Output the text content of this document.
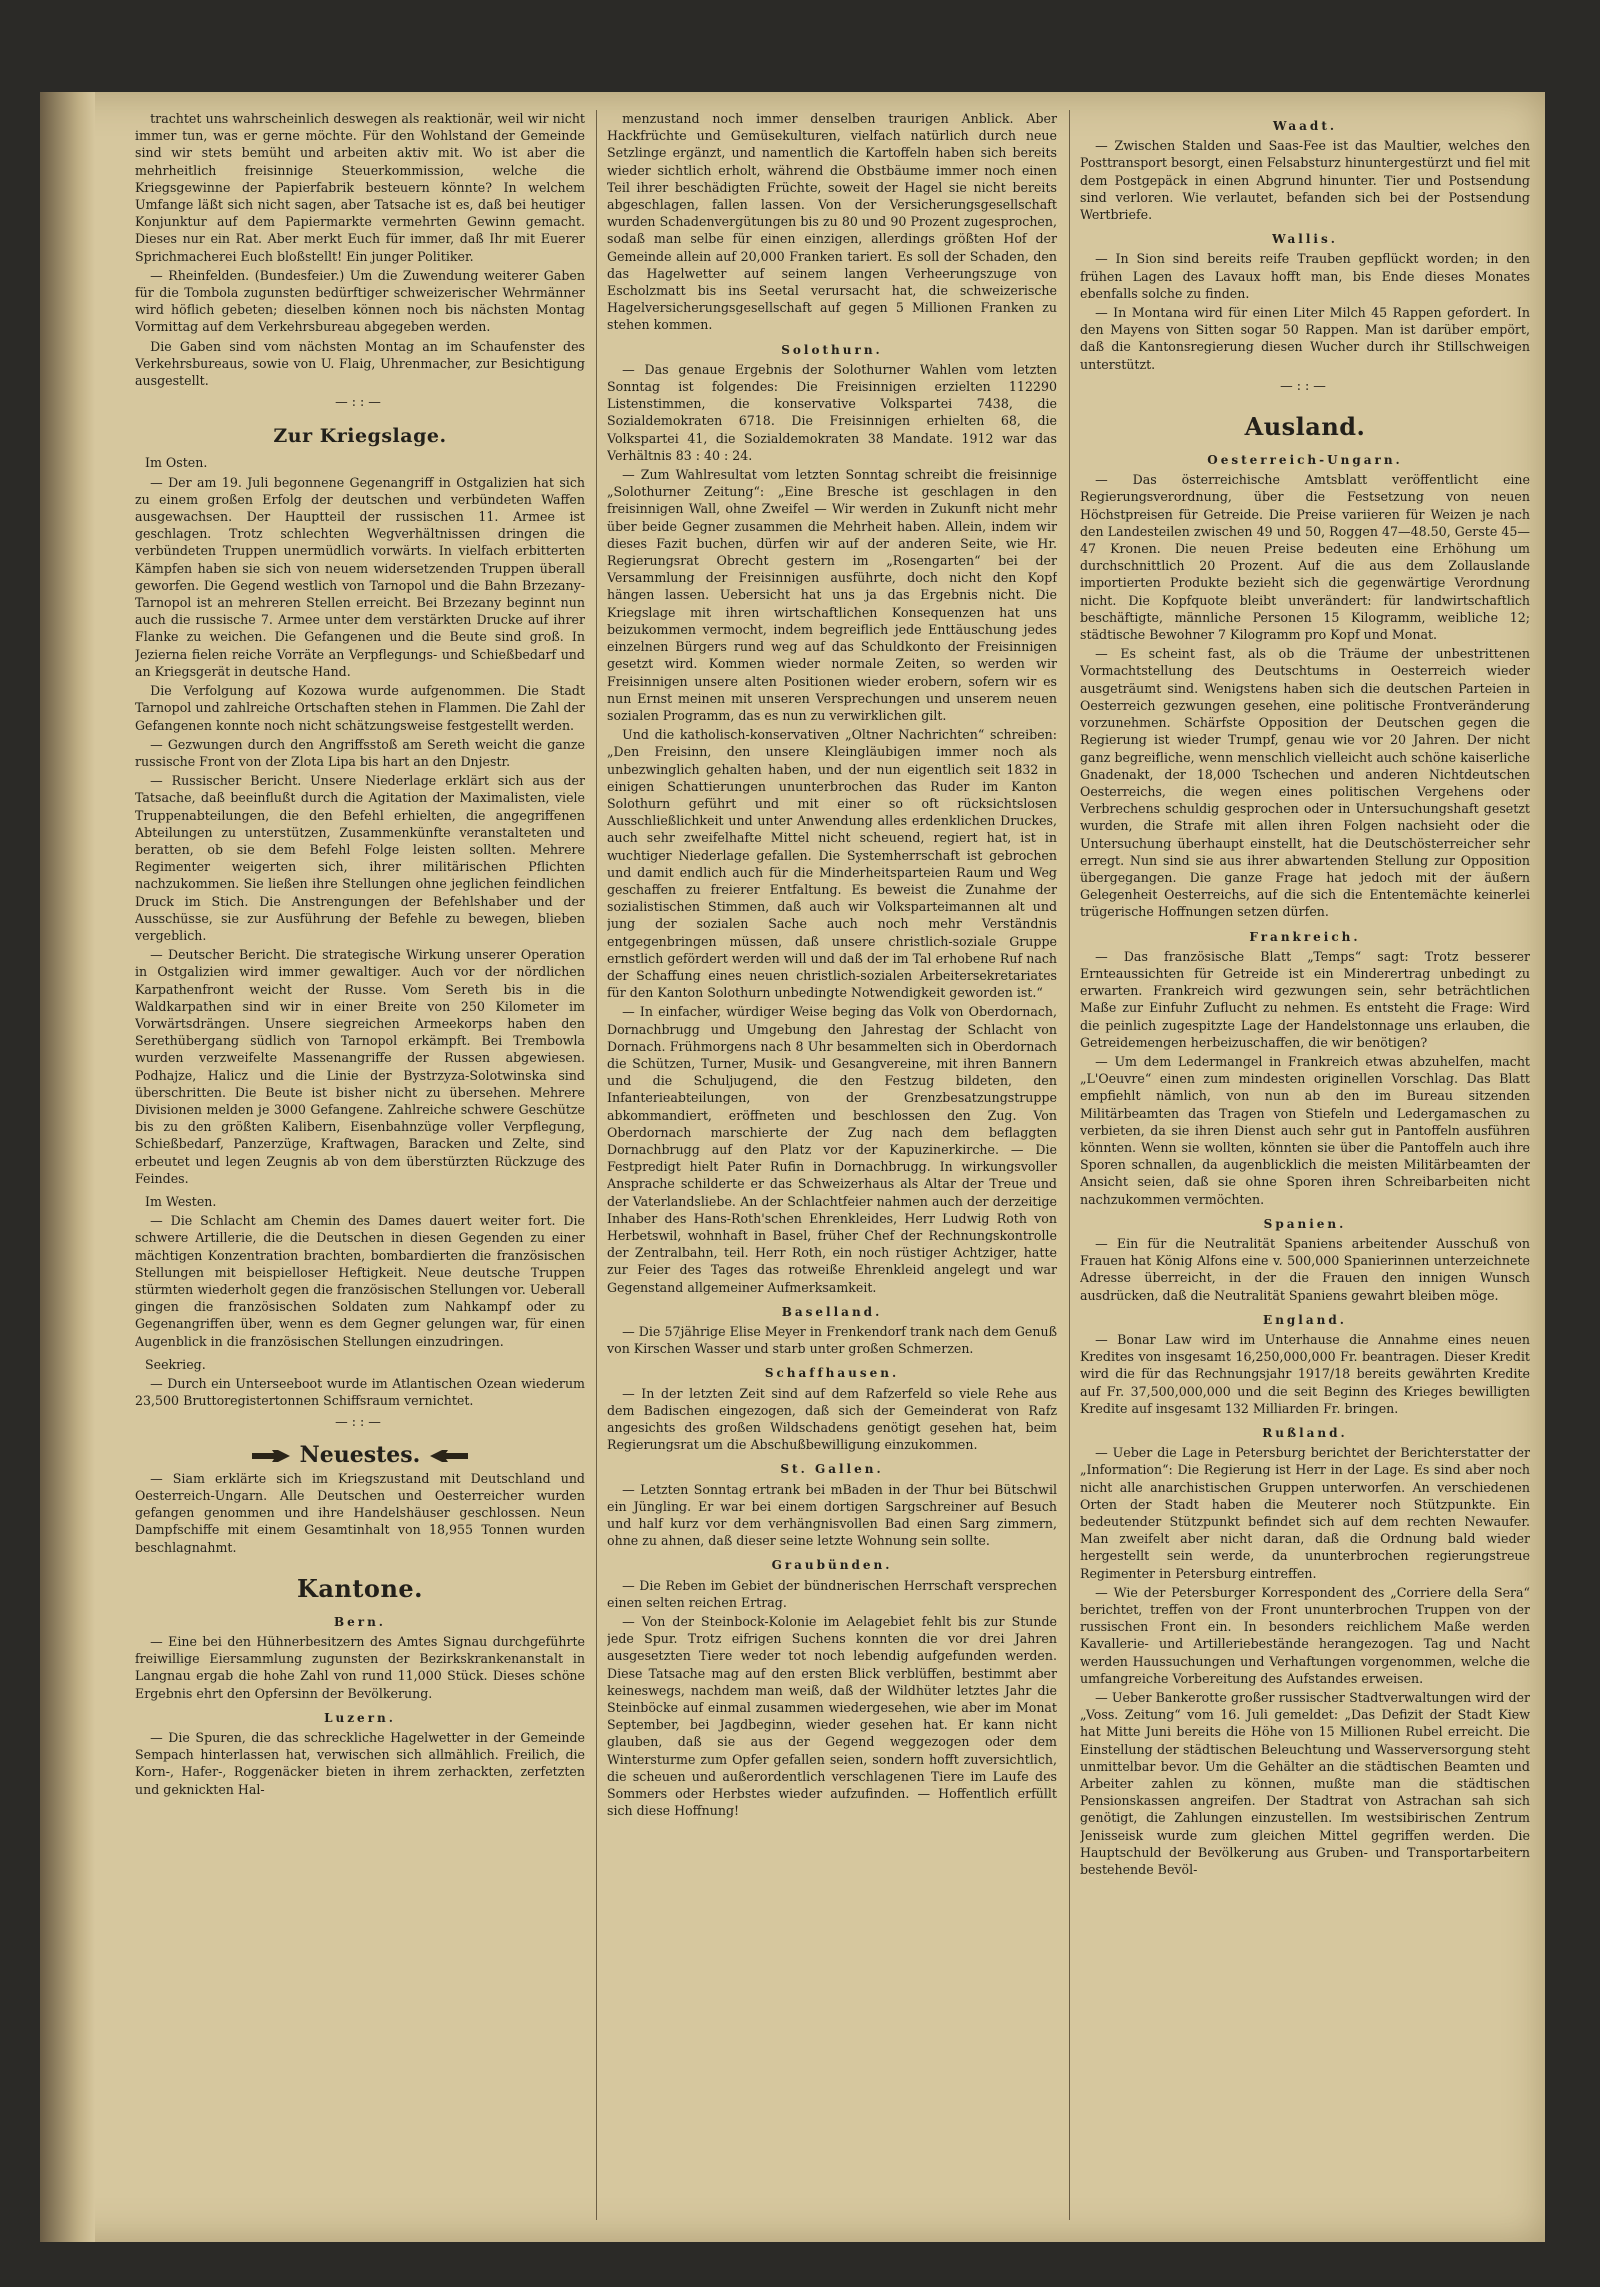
trachtet uns wahrscheinlich deswegen als reaktionär, weil wir nicht immer tun, was er gerne möchte. Für den Wohlstand der Gemeinde sind wir stets bemüht und arbeiten aktiv mit. Wo ist aber die mehrheitlich freisinnige Steuerkommission, welche die Kriegsgewinne der Papierfabrik besteuern könnte? In welchem Umfange läßt sich nicht sagen, aber Tatsache ist es, daß bei heutiger Konjunktur auf dem Papiermarkte vermehrten Gewinn gemacht. Dieses nur ein Rat. Aber merkt Euch für immer, daß Ihr mit Euerer Sprichmacherei Euch bloßstellt! Ein junger Politiker.

— Rheinfelden. (Bundesfeier.) Um die Zuwendung weiterer Gaben für die Tombola zugunsten bedürftiger schweizerischer Wehrmänner wird höflich gebeten; dieselben können noch bis nächsten Montag Vormittag auf dem Verkehrsbureau abgegeben werden.

Die Gaben sind vom nächsten Montag an im Schaufenster des Verkehrsbureaus, sowie von U. Flaig, Uhrenmacher, zur Besichtigung ausgestellt.

—::—
Zur Kriegslage.
Im Osten.

— Der am 19. Juli begonnene Gegenangriff in Ostgalizien hat sich zu einem großen Erfolg der deutschen und verbündeten Waffen ausgewachsen. Der Hauptteil der russischen 11. Armee ist geschlagen. Trotz schlechten Wegverhältnissen dringen die verbündeten Truppen unermüdlich vorwärts. In vielfach erbitterten Kämpfen haben sie sich von neuem widersetzenden Truppen überall geworfen. Die Gegend westlich von Tarnopol und die Bahn Brzezany-Tarnopol ist an mehreren Stellen erreicht. Bei Brzezany beginnt nun auch die russische 7. Armee unter dem verstärkten Drucke auf ihrer Flanke zu weichen. Die Gefangenen und die Beute sind groß. In Jezierna fielen reiche Vorräte an Verpflegungs- und Schießbedarf und an Kriegsgerät in deutsche Hand.

Die Verfolgung auf Kozowa wurde aufgenommen. Die Stadt Tarnopol und zahlreiche Ortschaften stehen in Flammen. Die Zahl der Gefangenen konnte noch nicht schätzungsweise festgestellt werden.

— Gezwungen durch den Angriffsstoß am Sereth weicht die ganze russische Front von der Zlota Lipa bis hart an den Dnjestr.

— Russischer Bericht. Unsere Niederlage erklärt sich aus der Tatsache, daß beeinflußt durch die Agitation der Maximalisten, viele Truppenabteilungen, die den Befehl erhielten, die angegriffenen Abteilungen zu unterstützen, Zusammenkünfte veranstalteten und beratten, ob sie dem Befehl Folge leisten sollten. Mehrere Regimenter weigerten sich, ihrer militärischen Pflichten nachzukommen. Sie ließen ihre Stellungen ohne jeglichen feindlichen Druck im Stich. Die Anstrengungen der Befehlshaber und der Ausschüsse, sie zur Ausführung der Befehle zu bewegen, blieben vergeblich.

— Deutscher Bericht. Die strategische Wirkung unserer Operation in Ostgalizien wird immer gewaltiger. Auch vor der nördlichen Karpathenfront weicht der Russe. Vom Sereth bis in die Waldkarpathen sind wir in einer Breite von 250 Kilometer im Vorwärtsdrängen. Unsere siegreichen Armeekorps haben den Serethübergang südlich von Tarnopol erkämpft. Bei Trembowla wurden verzweifelte Massenangriffe der Russen abgewiesen. Podhajze, Halicz und die Linie der Bystrzyza-Solotwinska sind überschritten. Die Beute ist bisher nicht zu übersehen. Mehrere Divisionen melden je 3000 Gefangene. Zahlreiche schwere Geschütze bis zu den größten Kalibern, Eisenbahnzüge voller Verpflegung, Schießbedarf, Panzerzüge, Kraftwagen, Baracken und Zelte, sind erbeutet und legen Zeugnis ab von dem überstürzten Rückzuge des Feindes.

Im Westen.

— Die Schlacht am Chemin des Dames dauert weiter fort. Die schwere Artillerie, die die Deutschen in diesen Gegenden zu einer mächtigen Konzentration brachten, bombardierten die französischen Stellungen mit beispielloser Heftigkeit. Neue deutsche Truppen stürmten wiederholt gegen die französischen Stellungen vor. Ueberall gingen die französischen Soldaten zum Nahkampf oder zu Gegenangriffen über, wenn es dem Gegner gelungen war, für einen Augenblick in die französischen Stellungen einzudringen.

Seekrieg.

— Durch ein Unterseeboot wurde im Atlantischen Ozean wiederum 23,500 Bruttoregistertonnen Schiffsraum vernichtet.

—::—
Neuestes.

— Siam erklärte sich im Kriegszustand mit Deutschland und Oesterreich-Ungarn. Alle Deutschen und Oesterreicher wurden gefangen genommen und ihre Handelshäuser geschlossen. Neun Dampfschiffe mit einem Gesamtinhalt von 18,955 Tonnen wurden beschlagnahmt.

Kantone.
Bern.

— Eine bei den Hühnerbesitzern des Amtes Signau durchgeführte freiwillige Eiersammlung zugunsten der Bezirkskrankenanstalt in Langnau ergab die hohe Zahl von rund 11,000 Stück. Dieses schöne Ergebnis ehrt den Opfersinn der Bevölkerung.

Luzern.

— Die Spuren, die das schreckliche Hagelwetter in der Gemeinde Sempach hinterlassen hat, verwischen sich allmählich. Freilich, die Korn-, Hafer-, Roggenäcker bieten in ihrem zerhackten, zerfetzten und geknickten Hal-

menzustand noch immer denselben traurigen Anblick. Aber Hackfrüchte und Gemüsekulturen, vielfach natürlich durch neue Setzlinge ergänzt, und namentlich die Kartoffeln haben sich bereits wieder sichtlich erholt, während die Obstbäume immer noch einen Teil ihrer beschädigten Früchte, soweit der Hagel sie nicht bereits abgeschlagen, fallen lassen. Von der Versicherungsgesellschaft wurden Schadenvergütungen bis zu 80 und 90 Prozent zugesprochen, sodaß man selbe für einen einzigen, allerdings größten Hof der Gemeinde allein auf 20,000 Franken tariert. Es soll der Schaden, den das Hagelwetter auf seinem langen Verheerungszuge von Escholzmatt bis ins Seetal verursacht hat, die schweizerische Hagelversicherungsgesellschaft auf gegen 5 Millionen Franken zu stehen kommen.

Solothurn.

— Das genaue Ergebnis der Solothurner Wahlen vom letzten Sonntag ist folgendes: Die Freisinnigen erzielten 112290 Listenstimmen, die konservative Volkspartei 7438, die Sozialdemokraten 6718. Die Freisinnigen erhielten 68, die Volkspartei 41, die Sozialdemokraten 38 Mandate. 1912 war das Verhältnis 83 : 40 : 24.

— Zum Wahlresultat vom letzten Sonntag schreibt die freisinnige „Solothurner Zeitung“: „Eine Bresche ist geschlagen in den freisinnigen Wall, ohne Zweifel — Wir werden in Zukunft nicht mehr über beide Gegner zusammen die Mehrheit haben. Allein, indem wir dieses Fazit buchen, dürfen wir auf der anderen Seite, wie Hr. Regierungsrat Obrecht gestern im „Rosengarten“ bei der Versammlung der Freisinnigen ausführte, doch nicht den Kopf hängen lassen. Uebersicht hat uns ja das Ergebnis nicht. Die Kriegslage mit ihren wirtschaftlichen Konsequenzen hat uns beizukommen vermocht, indem begreiflich jede Enttäuschung jedes einzelnen Bürgers rund weg auf das Schuldkonto der Freisinnigen gesetzt wird. Kommen wieder normale Zeiten, so werden wir Freisinnigen unsere alten Positionen wieder erobern, sofern wir es nun Ernst meinen mit unseren Versprechungen und unserem neuen sozialen Programm, das es nun zu verwirklichen gilt.

Und die katholisch-konservativen „Oltner Nachrichten“ schreiben: „Den Freisinn, den unsere Kleingläubigen immer noch als unbezwinglich gehalten haben, und der nun eigentlich seit 1832 in einigen Schattierungen ununterbrochen das Ruder im Kanton Solothurn geführt und mit einer so oft rücksichtslosen Ausschließlichkeit und unter Anwendung alles erdenklichen Druckes, auch sehr zweifelhafte Mittel nicht scheuend, regiert hat, ist in wuchtiger Niederlage gefallen. Die Systemherrschaft ist gebrochen und damit endlich auch für die Minderheitsparteien Raum und Weg geschaffen zu freierer Entfaltung. Es beweist die Zunahme der sozialistischen Stimmen, daß auch wir Volksparteimannen alt und jung der sozialen Sache auch noch mehr Verständnis entgegenbringen müssen, daß unsere christlich-soziale Gruppe ernstlich gefördert werden will und daß der im Tal erhobene Ruf nach der Schaffung eines neuen christlich-sozialen Arbeitersekretariates für den Kanton Solothurn unbedingte Notwendigkeit geworden ist.“

— In einfacher, würdiger Weise beging das Volk von Oberdornach, Dornachbrugg und Umgebung den Jahrestag der Schlacht von Dornach. Frühmorgens nach 8 Uhr besammelten sich in Oberdornach die Schützen, Turner, Musik- und Gesangvereine, mit ihren Bannern und die Schuljugend, die den Festzug bildeten, den Infanterieabteilungen, von der Grenzbesatzungstruppe abkommandiert, eröffneten und beschlossen den Zug. Von Oberdornach marschierte der Zug nach dem beflaggten Dornachbrugg auf den Platz vor der Kapuzinerkirche. — Die Festpredigt hielt Pater Rufin in Dornachbrugg. In wirkungsvoller Ansprache schilderte er das Schweizerhaus als Altar der Treue und der Vaterlandsliebe. An der Schlachtfeier nahmen auch der derzeitige Inhaber des Hans-Roth'schen Ehrenkleides, Herr Ludwig Roth von Herbetswil, wohnhaft in Basel, früher Chef der Rechnungskontrolle der Zentralbahn, teil. Herr Roth, ein noch rüstiger Achtziger, hatte zur Feier des Tages das rotweiße Ehrenkleid angelegt und war Gegenstand allgemeiner Aufmerksamkeit.

Baselland.

— Die 57jährige Elise Meyer in Frenkendorf trank nach dem Genuß von Kirschen Wasser und starb unter großen Schmerzen.

Schaffhausen.

— In der letzten Zeit sind auf dem Rafzerfeld so viele Rehe aus dem Badischen eingezogen, daß sich der Gemeinderat von Rafz angesichts des großen Wildschadens genötigt gesehen hat, beim Regierungsrat um die Abschußbewilligung einzukommen.

St. Gallen.

— Letzten Sonntag ertrank bei mBaden in der Thur bei Bütschwil ein Jüngling. Er war bei einem dortigen Sargschreiner auf Besuch und half kurz vor dem verhängnisvollen Bad einen Sarg zimmern, ohne zu ahnen, daß dieser seine letzte Wohnung sein sollte.

Graubünden.

— Die Reben im Gebiet der bündnerischen Herrschaft versprechen einen selten reichen Ertrag.

— Von der Steinbock-Kolonie im Aelagebiet fehlt bis zur Stunde jede Spur. Trotz eifrigen Suchens konnten die vor drei Jahren ausgesetzten Tiere weder tot noch lebendig aufgefunden werden. Diese Tatsache mag auf den ersten Blick verblüffen, bestimmt aber keineswegs, nachdem man weiß, daß der Wildhüter letztes Jahr die Steinböcke auf einmal zusammen wiedergesehen, wie aber im Monat September, bei Jagdbeginn, wieder gesehen hat. Er kann nicht glauben, daß sie aus der Gegend weggezogen oder dem Wintersturme zum Opfer gefallen seien, sondern hofft zuversichtlich, die scheuen und außerordentlich verschlagenen Tiere im Laufe des Sommers oder Herbstes wieder aufzufinden. — Hoffentlich erfüllt sich diese Hoffnung!

Waadt.

— Zwischen Stalden und Saas-Fee ist das Maultier, welches den Posttransport besorgt, einen Felsabsturz hinuntergestürzt und fiel mit dem Postgepäck in einen Abgrund hinunter. Tier und Postsendung sind verloren. Wie verlautet, befanden sich bei der Postsendung Wertbriefe.

Wallis.

— In Sion sind bereits reife Trauben gepflückt worden; in den frühen Lagen des Lavaux hofft man, bis Ende dieses Monates ebenfalls solche zu finden.

— In Montana wird für einen Liter Milch 45 Rappen gefordert. In den Mayens von Sitten sogar 50 Rappen. Man ist darüber empört, daß die Kantonsregierung diesen Wucher durch ihr Stillschweigen unterstützt.

—::—
Ausland.
Oesterreich-Ungarn.

— Das österreichische Amtsblatt veröffentlicht eine Regierungsverordnung, über die Festsetzung von neuen Höchstpreisen für Getreide. Die Preise variieren für Weizen je nach den Landesteilen zwischen 49 und 50, Roggen 47—48.50, Gerste 45—47 Kronen. Die neuen Preise bedeuten eine Erhöhung um durchschnittlich 20 Prozent. Auf die aus dem Zollauslande importierten Produkte bezieht sich die gegenwärtige Verordnung nicht. Die Kopfquote bleibt unverändert: für landwirtschaftlich beschäftigte, männliche Personen 15 Kilogramm, weibliche 12; städtische Bewohner 7 Kilogramm pro Kopf und Monat.

— Es scheint fast, als ob die Träume der unbestrittenen Vormachtstellung des Deutschtums in Oesterreich wieder ausgeträumt sind. Wenigstens haben sich die deutschen Parteien in Oesterreich gezwungen gesehen, eine politische Frontveränderung vorzunehmen. Schärfste Opposition der Deutschen gegen die Regierung ist wieder Trumpf, genau wie vor 20 Jahren. Der nicht ganz begreifliche, wenn menschlich vielleicht auch schöne kaiserliche Gnadenakt, der 18,000 Tschechen und anderen Nichtdeutschen Oesterreichs, die wegen eines politischen Vergehens oder Verbrechens schuldig gesprochen oder in Untersuchungshaft gesetzt wurden, die Strafe mit allen ihren Folgen nachsieht oder die Untersuchung überhaupt einstellt, hat die Deutschösterreicher sehr erregt. Nun sind sie aus ihrer abwartenden Stellung zur Opposition übergegangen. Die ganze Frage hat jedoch mit der äußern Gelegenheit Oesterreichs, auf die sich die Ententemächte keinerlei trügerische Hoffnungen setzen dürfen.

Frankreich.

— Das französische Blatt „Temps“ sagt: Trotz besserer Ernteaussichten für Getreide ist ein Minderertrag unbedingt zu erwarten. Frankreich wird gezwungen sein, sehr beträchtlichen Maße zur Einfuhr Zuflucht zu nehmen. Es entsteht die Frage: Wird die peinlich zugespitzte Lage der Handelstonnage uns erlauben, die Getreidemengen herbeizuschaffen, die wir benötigen?

— Um dem Ledermangel in Frankreich etwas abzuhelfen, macht „L'Oeuvre“ einen zum mindesten originellen Vorschlag. Das Blatt empfiehlt nämlich, von nun ab den im Bureau sitzenden Militärbeamten das Tragen von Stiefeln und Ledergamaschen zu verbieten, da sie ihren Dienst auch sehr gut in Pantoffeln ausführen könnten. Wenn sie wollten, könnten sie über die Pantoffeln auch ihre Sporen schnallen, da augenblicklich die meisten Militärbeamten der Ansicht seien, daß sie ohne Sporen ihren Schreibarbeiten nicht nachzukommen vermöchten.

Spanien.

— Ein für die Neutralität Spaniens arbeitender Ausschuß von Frauen hat König Alfons eine v. 500,000 Spanierinnen unterzeichnete Adresse überreicht, in der die Frauen den innigen Wunsch ausdrücken, daß die Neutralität Spaniens gewahrt bleiben möge.

England.

— Bonar Law wird im Unterhause die Annahme eines neuen Kredites von insgesamt 16,250,000,000 Fr. beantragen. Dieser Kredit wird die für das Rechnungsjahr 1917/18 bereits gewährten Kredite auf Fr. 37,500,000,000 und die seit Beginn des Krieges bewilligten Kredite auf insgesamt 132 Milliarden Fr. bringen.

Rußland.

— Ueber die Lage in Petersburg berichtet der Berichterstatter der „Information“: Die Regierung ist Herr in der Lage. Es sind aber noch nicht alle anarchistischen Gruppen unterworfen. An verschiedenen Orten der Stadt haben die Meuterer noch Stützpunkte. Ein bedeutender Stützpunkt befindet sich auf dem rechten Newaufer. Man zweifelt aber nicht daran, daß die Ordnung bald wieder hergestellt sein werde, da ununterbrochen regierungstreue Regimenter in Petersburg eintreffen.

— Wie der Petersburger Korrespondent des „Corriere della Sera“ berichtet, treffen von der Front ununterbrochen Truppen von der russischen Front ein. In besonders reichlichem Maße werden Kavallerie- und Artilleriebestände herangezogen. Tag und Nacht werden Haussuchungen und Verhaftungen vorgenommen, welche die umfangreiche Vorbereitung des Aufstandes erweisen.

— Ueber Bankerotte großer russischer Stadtverwaltungen wird der „Voss. Zeitung“ vom 16. Juli gemeldet: „Das Defizit der Stadt Kiew hat Mitte Juni bereits die Höhe von 15 Millionen Rubel erreicht. Die Einstellung der städtischen Beleuchtung und Wasserversorgung steht unmittelbar bevor. Um die Gehälter an die städtischen Beamten und Arbeiter zahlen zu können, mußte man die städtischen Pensionskassen angreifen. Der Stadtrat von Astrachan sah sich genötigt, die Zahlungen einzustellen. Im westsibirischen Zentrum Jenisseisk wurde zum gleichen Mittel gegriffen werden. Die Hauptschuld der Bevölkerung aus Gruben- und Transportarbeitern bestehende Bevöl-
